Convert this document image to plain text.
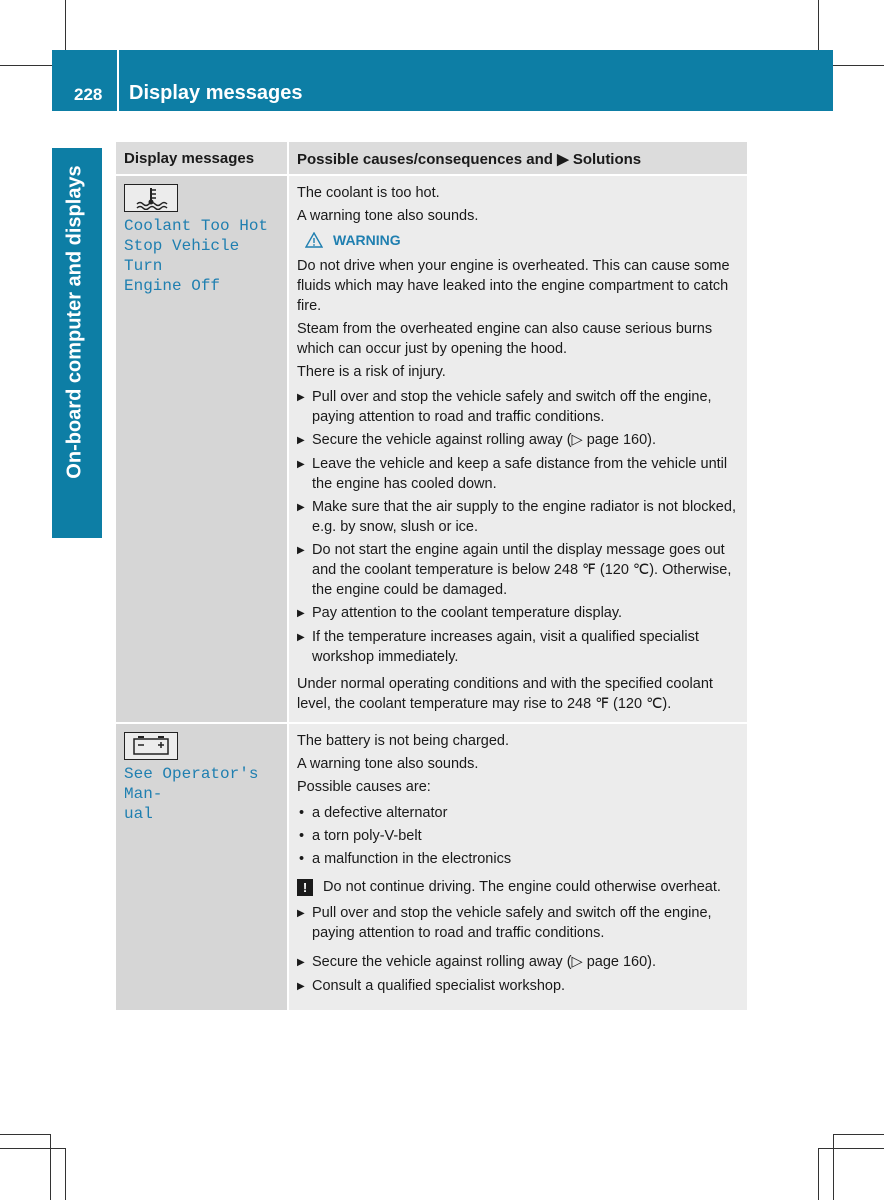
228 Display messages
On-board computer and displays
Display messages	Possible causes/consequences and ▶ Solutions
Coolant Too Hot
Stop Vehicle Turn
Engine Off

The coolant is too hot.

A warning tone also sounds.

WARNING

Do not drive when your engine is overheated. This can cause some fluids which may have leaked into the engine compartment to catch fire.

Steam from the overheated engine can also cause serious burns which can occur just by opening the hood.

There is a risk of injury.

▶ Pull over and stop the vehicle safely and switch off the engine, paying attention to road and traffic conditions.
▶ Secure the vehicle against rolling away (▷ page 160).
▶ Leave the vehicle and keep a safe distance from the vehicle until the engine has cooled down.
▶ Make sure that the air supply to the engine radiator is not blocked, e.g. by snow, slush or ice.
▶ Do not start the engine again until the display message goes out and the coolant temperature is below 248 ℉ (120 ℃). Otherwise, the engine could be damaged.
▶ Pay attention to the coolant temperature display.
▶ If the temperature increases again, visit a qualified specialist workshop immediately.

Under normal operating conditions and with the specified coolant level, the coolant temperature may rise to 248 ℉ (120 ℃).

See Operator's Man-
ual

The battery is not being charged.

A warning tone also sounds.

Possible causes are:

• a defective alternator
• a torn poly-V-belt
• a malfunction in the electronics
!	Do not continue driving. The engine could otherwise overheat.
▶ Pull over and stop the vehicle safely and switch off the engine, paying attention to road and traffic conditions.
▶ Secure the vehicle against rolling away (▷ page 160).
▶ Consult a qualified specialist workshop.
